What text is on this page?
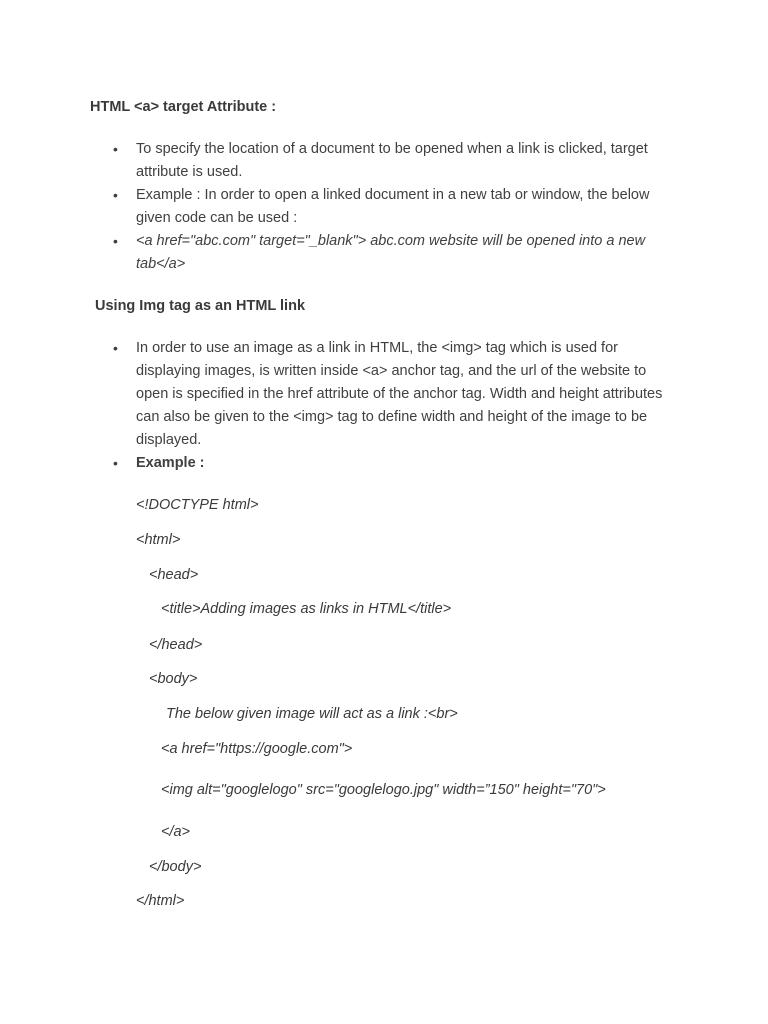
HTML <a> target Attribute :

• To specify the location of a document to be opened when a link is clicked, target attribute is used.
• Example : In order to open a linked document in a new tab or window, the below given code can be used :
• <a href="abc.com" target="_blank"> abc.com website will be opened into a new tab</a>

Using Img tag as an HTML link

• In order to use an image as a link in HTML, the <img> tag which is used for displaying images, is written inside <a> anchor tag, and the url of the website to open is specified in the href attribute of the anchor tag. Width and height attributes can also be given to the <img> tag to define width and height of the image to be displayed.
• Example :

<!DOCTYPE html>

<html>

<head>

<title>Adding images as links in HTML</title>

</head>

<body>

The below given image will act as a link :<br>

<a href="https://google.com">

<img alt="googlelogo" src="googlelogo.jpg" width=”150" height="70">

</a>

</body>

</html>
